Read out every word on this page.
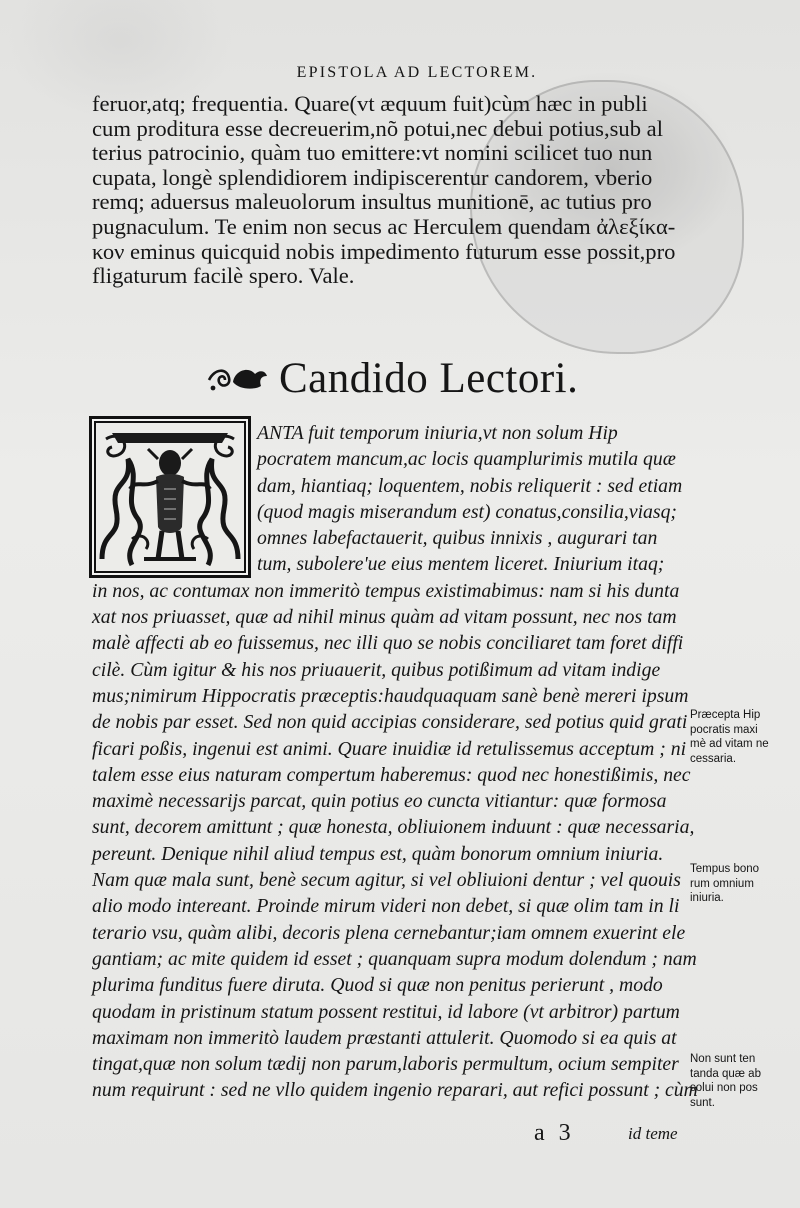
EPISTOLA AD LECTOREM.
feruor,atq; frequentia. Quare(vt æquum fuit)cùm hæc in publi
cum proditura esse decreuerim,nõ potui,nec debui potius,sub al
terius patrocinio, quàm tuo emittere:vt nomini scilicet tuo nun
cupata, longè splendidiorem indipiscerentur candorem, vberio
remq; aduersus maleuolorum insultus munitionē, ac tutius pro
pugnaculum. Te enim non secus ac Herculem quendam ἀλεξίκα-
κον eminus quicquid nobis impedimento futurum esse possit,pro
fligaturum facilè spero. Vale.
Candido Lectori.
ANTA fuit temporum iniuria,vt non solum Hip
pocratem mancum,ac locis quamplurimis mutila quæ
dam, hiantiaq; loquentem, nobis reliquerit : sed etiam
(quod magis miserandum est) conatus,consilia,viasq;
omnes labefactauerit, quibus innixis , augurari tan
tum, subolere'ue eius mentem liceret. Iniurium itaq;
in nos, ac contumax non immeritò tempus existimabimus: nam si his dunta
xat nos priuasset, quæ ad nihil minus quàm ad vitam possunt, nec nos tam
malè affecti ab eo fuissemus, nec illi quo se nobis conciliaret tam foret diffi
cilè. Cùm igitur & his nos priuauerit, quibus potißimum ad vitam indige
mus;nimirum Hippocratis præceptis:haudquaquam sanè benè mereri ipsum
de nobis par esset. Sed non quid accipias considerare, sed potius quid grati
ficari poßis, ingenui est animi. Quare inuidiæ id retulissemus acceptum ; ni
talem esse eius naturam compertum haberemus: quod nec honestißimis, nec
maximè necessarijs parcat, quin potius eo cuncta vitiantur: quæ formosa
sunt, decorem amittunt ; quæ honesta, obliuionem induunt : quæ necessaria,
pereunt. Denique nihil aliud tempus est, quàm bonorum omnium iniuria.
Nam quæ mala sunt, benè secum agitur, si vel obliuioni dentur ; vel quouis
alio modo intereant. Proinde mirum videri non debet, si quæ olim tam in li
terario vsu, quàm alibi, decoris plena cernebantur;iam omnem exuerint ele
gantiam; ac mite quidem id esset ; quanquam supra modum dolendum ; nam
plurima funditus fuere diruta. Quod si quæ non penitus perierunt , modo
quodam in pristinum statum possent restitui, id labore (vt arbitror) partum
maximam non immeritò laudem præstanti attulerit. Quomodo si ea quis at
tingat,quæ non solum tædij non parum,laboris permultum, ocium sempiter
num requirunt : sed ne vllo quidem ingenio reparari, aut refici possunt ; cùm
Præcepta Hip
pocratis maxi
mè ad vitam ne
cessaria.
Tempus bono
rum omnium
iniuria.
Non sunt ten
tanda quæ ab
solui non pos
sunt.
a 3	id teme
